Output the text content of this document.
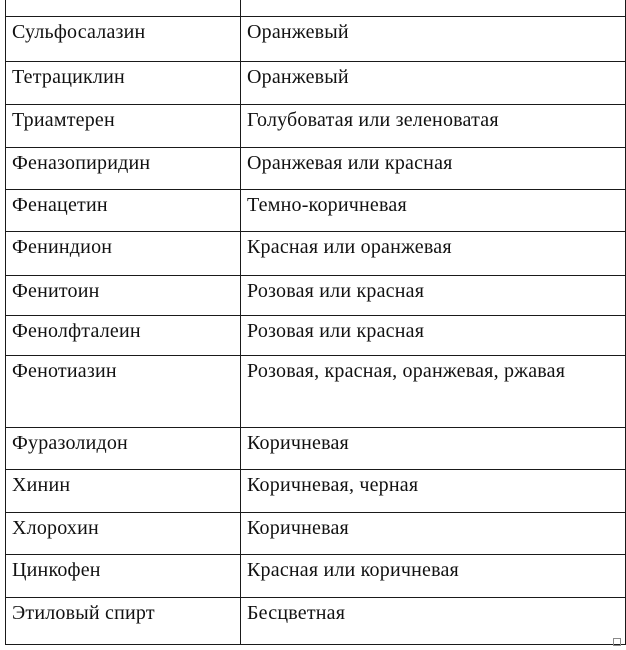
Сульфосалазин	Оранжевый
Тетрациклин	Оранжевый
Триамтерен	Голубоватая или зеленоватая
Феназопиридин	Оранжевая или красная
Фенацетин	Темно-коричневая
Фениндион	Красная или оранжевая
Фенитоин	Розовая или красная
Фенолфталеин	Розовая или красная
Фенотиазин	Розовая, красная, оранжевая, ржавая
Фуразолидон	Коричневая
Хинин	Коричневая, черная
Хлорохин	Коричневая
Цинкофен	Красная или коричневая
Этиловый спирт	Бесцветная
